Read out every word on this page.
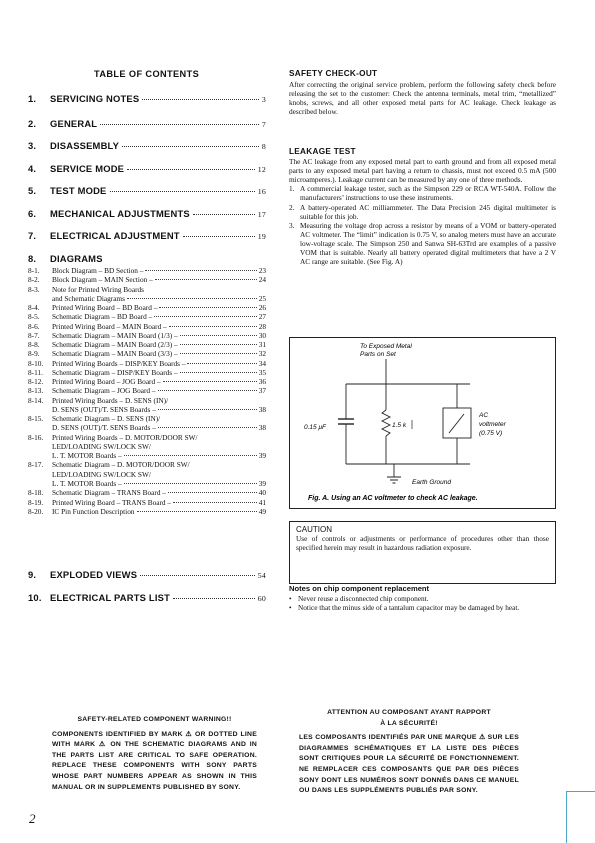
TABLE OF CONTENTS
1.	SERVICING NOTES	3
2.	GENERAL	7
3.	DISASSEMBLY	8
4.	SERVICE MODE	12
5.	TEST MODE	16
6.	MECHANICAL ADJUSTMENTS	17
7.	ELECTRICAL ADJUSTMENT	19
8.	DIAGRAMS
9.	EXPLODED VIEWS	54
10. ELECTRICAL PARTS LIST	60
8-1.	Block Diagram – BD Section –	23
8-2.	Block Diagram – MAIN Section –	24
8-3.	Note for Printed Wiring Boards
and Schematic Diagrams	25
8-4.	Printed Wiring Board – BD Board –	26
8-5.	Schematic Diagram – BD Board –	27
8-6.	Printed Wiring Board – MAIN Board –	28
8-7.	Schematic Diagram – MAIN Board (1/3) –	30
8-8.	Schematic Diagram – MAIN Board (2/3) –	31
8-9.	Schematic Diagram – MAIN Board (3/3) –	32
8-10.	Printed Wiring Boards – DISP/KEY Boards –	34
8-11.	Schematic Diagram – DISP/KEY Boards –	35
8-12.	Printed Wiring Board – JOG Board –	36
8-13.	Schematic Diagram – JOG Board –	37
8-14.	Printed Wiring Boards – D. SENS (IN)/
D. SENS (OUT)/T. SENS Boards –	38
8-15.	Schematic Diagram – D. SENS (IN)/
D. SENS (OUT)/T. SENS Boards –	38
8-16.	Printed Wiring Boards – D. MOTOR/DOOR SW/
LED/LOADING SW/LOCK SW/
L. T. MOTOR Boards –	39
8-17.	Schematic Diagram – D. MOTOR/DOOR SW/
LED/LOADING SW/LOCK SW/
L. T. MOTOR Boards –	39
8-18.	Schematic Diagram – TRANS Board –	40
8-19.	Printed Wiring Board – TRANS Board –	41
8-20.	IC Pin Function Description	49
SAFETY CHECK-OUT
After correcting the original service problem, perform the following safety check before releasing the set to the customer: Check the antenna terminals, metal trim, “metallized” knobs, screws, and all other exposed metal parts for AC leakage. Check leakage as described below.
LEAKAGE TEST
The AC leakage from any exposed metal part to earth ground and from all exposed metal parts to any exposed metal part having a return to chassis, must not exceed 0.5 mA (500 microamperes.). Leakage current can be measured by any one of three methods.
1. A commercial leakage tester, such as the Simpson 229 or RCA WT-540A. Follow the manufacturers’ instructions to use these instruments.
2. A battery-operated AC milliammeter. The Data Precision 245 digital multimeter is suitable for this job.
3. Measuring the voltage drop across a resistor by means of a VOM or battery-operated AC voltmeter. The “limit” indication is 0.75 V, so analog meters must have an accurate low-voltage scale. The Simpson 250 and Sanwa SH-63Trd are examples of a passive VOM that is suitable. Nearly all battery operated digital multimeters that have a 2 V AC range are suitable. (See Fig. A)
To Exposed Metal
Parts on Set
0.15 μF	1.5 k
AC
voltmeter
(0.75 V)
Earth Ground
Fig. A. Using an AC voltmeter to check AC leakage.
CAUTION
Use of controls or adjustments or performance of procedures other than those specified herein may result in hazardous radiation exposure.
Notes on chip component replacement
• Never reuse a disconnected chip component.
• Notice that the minus side of a tantalum capacitor may be damaged by heat.
SAFETY-RELATED COMPONENT WARNING!!
COMPONENTS IDENTIFIED BY MARK ⚠ OR DOTTED LINE WITH MARK ⚠ ON THE SCHEMATIC DIAGRAMS AND IN THE PARTS LIST ARE CRITICAL TO SAFE OPERATION. REPLACE THESE COMPONENTS WITH SONY PARTS WHOSE PART NUMBERS APPEAR AS SHOWN IN THIS MANUAL OR IN SUPPLEMENTS PUBLISHED BY SONY.
ATTENTION AU COMPOSANT AYANT RAPPORT
À LA SÉCURITÉ!
LES COMPOSANTS IDENTIFIÉS PAR UNE MARQUE ⚠ SUR LES DIAGRAMMES SCHÉMATIQUES ET LA LISTE DES PIÈCES SONT CRITIQUES POUR LA SÉCURITÉ DE FONCTIONNEMENT. NE REMPLACER CES COMPOSANTS QUE PAR DES PIÈCES SONY DONT LES NUMÉROS SONT DONNÉS DANS CE MANUEL OU DANS LES SUPPLÉMENTS PUBLIÉS PAR SONY.
2
